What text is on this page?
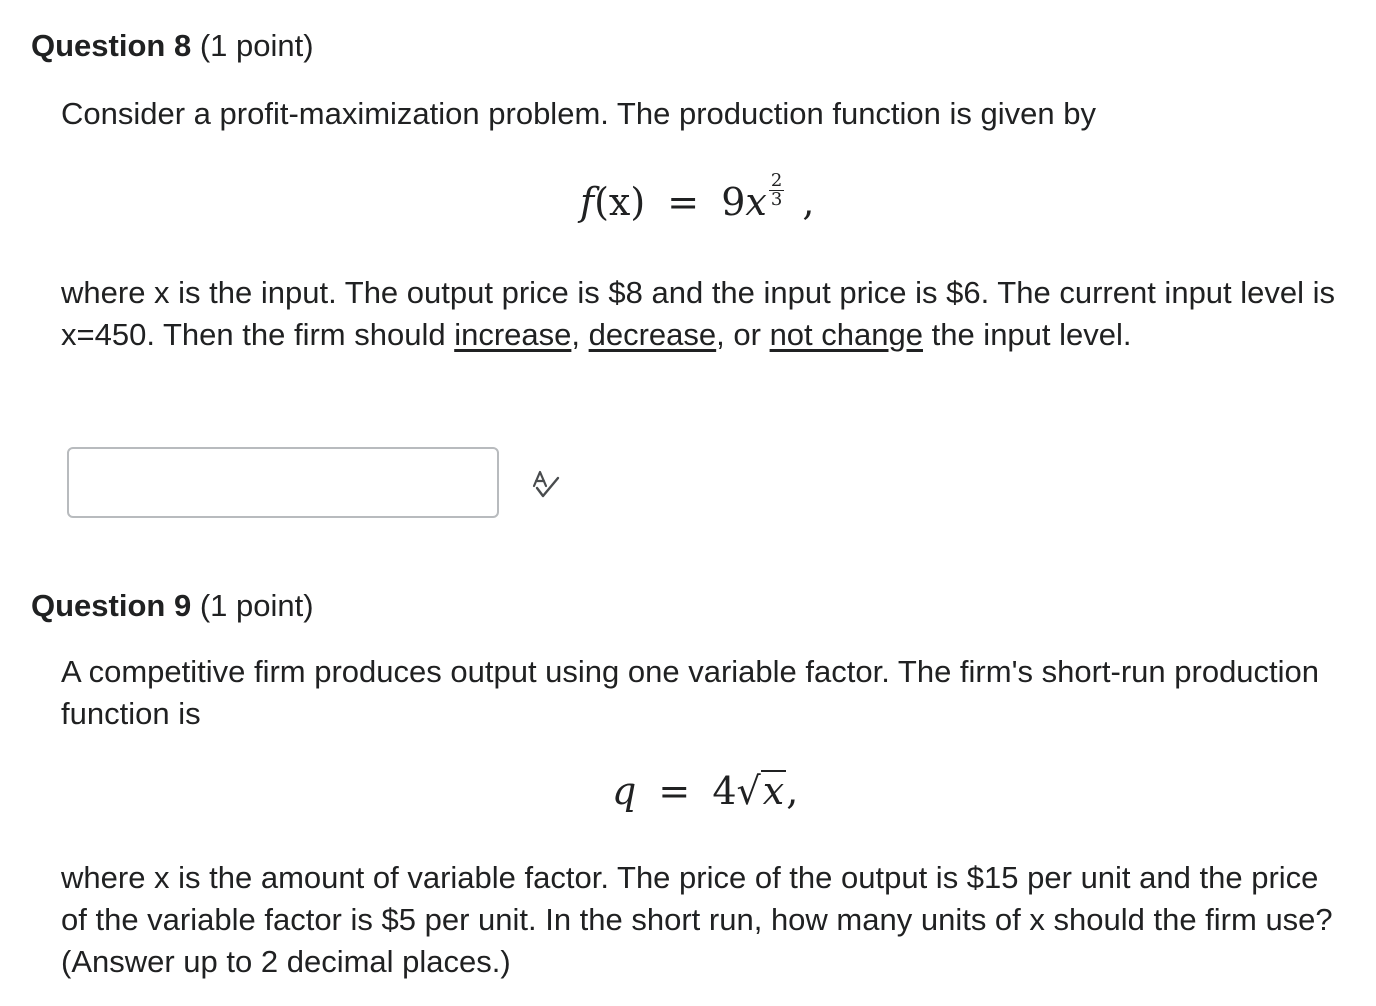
Question 8 (1 point)

Consider a profit-maximization problem. The production function is given by

$f(x) = 9x \frac{2}{3}$ ,

where x is the input. The output price is $8 and the input price is $6. The current input level is x=450. Then the firm should increase, decrease, or not change the input level.

Question 9 (1 point)

A competitive firm produces output using one variable factor. The firm's short-run production function is

q = 4√x,

where x is the amount of variable factor. The price of the output is $15 per unit and the price of the variable factor is $5 per unit. In the short run, how many units of x should the firm use? (Answer up to 2 decimal places.)
